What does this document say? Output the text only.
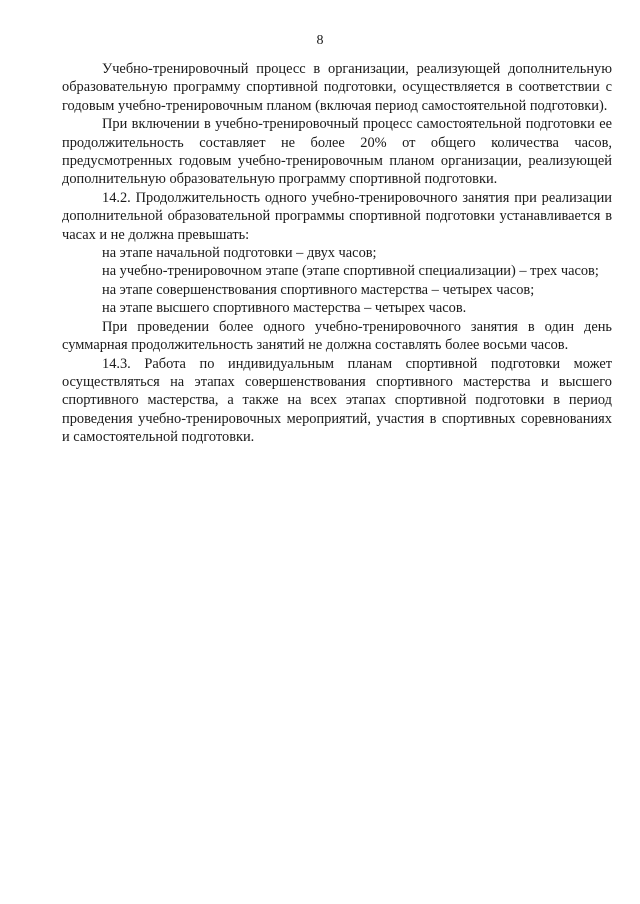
8

Учебно-тренировочный процесс в организации, реализующей дополнительную образовательную программу спортивной подготовки, осуществляется в соответствии с годовым учебно-тренировочным планом (включая период самостоятельной подготовки).

При включении в учебно-тренировочный процесс самостоятельной подготовки ее продолжительность составляет не более 20% от общего количества часов, предусмотренных годовым учебно-тренировочным планом организации, реализующей дополнительную образовательную программу спортивной подготовки.

14.2. Продолжительность одного учебно-тренировочного занятия при реализации дополнительной образовательной программы спортивной подготовки устанавливается в часах и не должна превышать:

на этапе начальной подготовки – двух часов;

на учебно-тренировочном этапе (этапе спортивной специализации) – трех часов;

на этапе совершенствования спортивного мастерства – четырех часов;

на этапе высшего спортивного мастерства – четырех часов.

При проведении более одного учебно-тренировочного занятия в один день суммарная продолжительность занятий не должна составлять более восьми часов.

14.3. Работа по индивидуальным планам спортивной подготовки может осуществляться на этапах совершенствования спортивного мастерства и высшего спортивного мастерства, а также на всех этапах спортивной подготовки в период проведения учебно-тренировочных мероприятий, участия в спортивных соревнованиях и самостоятельной подготовки.
